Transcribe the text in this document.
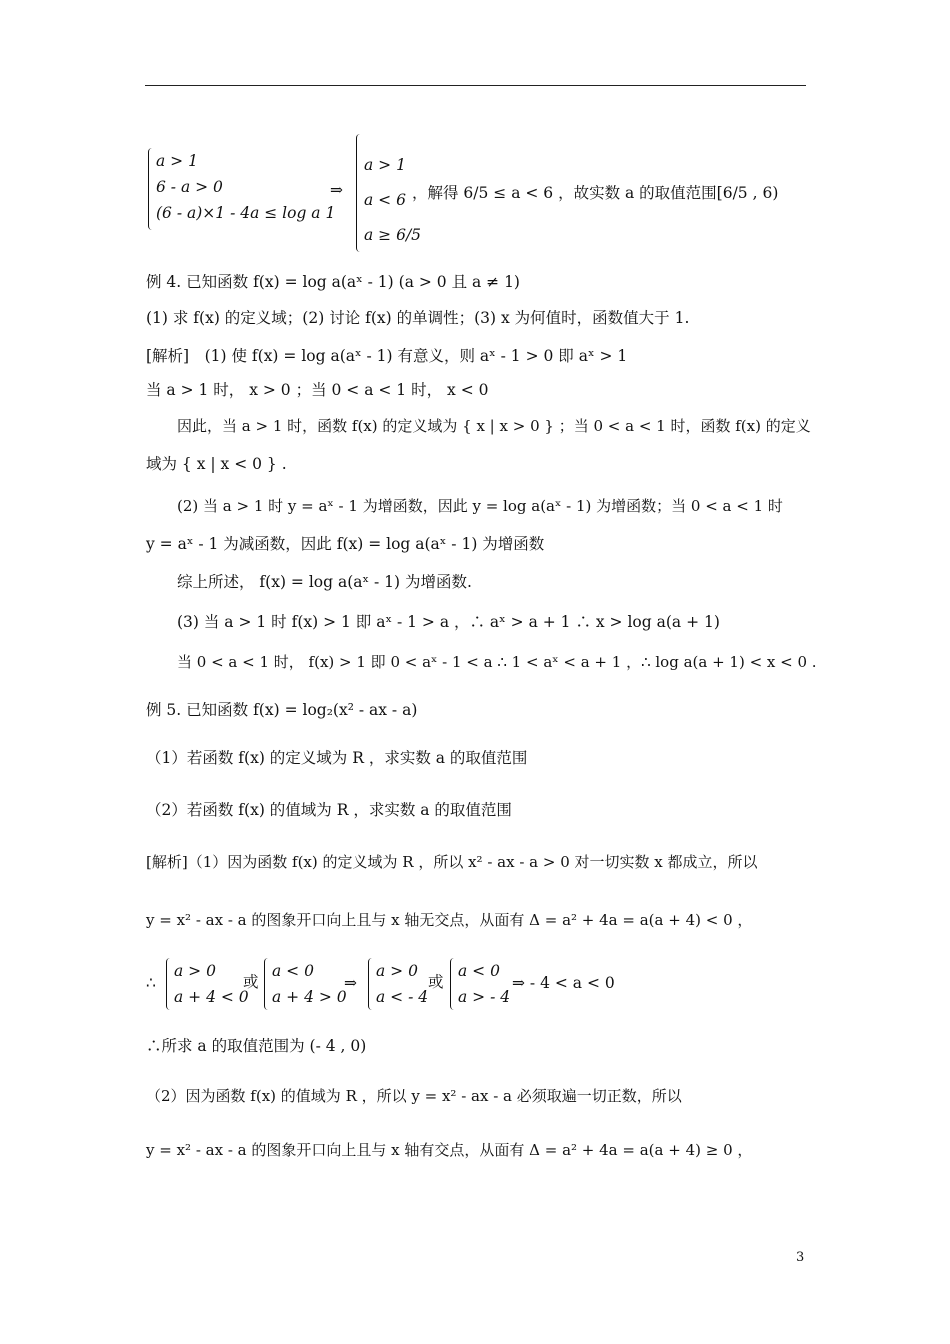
a > 1
6 - a > 0
(6 - a)×1 - 4a ≤ log a 1
⇒
a > 1
a < 6
a ≥ 6/5
，解得 6/5 ≤ a < 6 ，故实数 a 的取值范围[6/5 , 6)
例 4. 已知函数 f(x) = log a(aˣ - 1) (a > 0 且 a ≠ 1)
(1) 求 f(x) 的定义域；(2) 讨论 f(x) 的单调性；(3) x 为何值时，函数值大于 1.
[解析]　(1) 使 f(x) = log a(aˣ - 1) 有意义，则 aˣ - 1 > 0 即 aˣ > 1
当 a > 1 时， x > 0 ；当 0 < a < 1 时， x < 0
因此，当 a > 1 时，函数 f(x) 的定义域为 { x | x > 0 } ；当 0 < a < 1 时，函数 f(x) 的定义
域为 { x | x < 0 } .
(2) 当 a > 1 时 y = aˣ - 1 为增函数，因此 y = log a(aˣ - 1) 为增函数；当 0 < a < 1 时
y = aˣ - 1 为减函数，因此 f(x) = log a(aˣ - 1) 为增函数
综上所述， f(x) = log a(aˣ - 1) 为增函数.
(3) 当 a > 1 时 f(x) > 1 即 aˣ - 1 > a ，∴ aˣ > a + 1 ∴ x > log a(a + 1)
当 0 < a < 1 时， f(x) > 1 即 0 < aˣ - 1 < a ∴ 1 < aˣ < a + 1 ，∴ log a(a + 1) < x < 0 .
例 5. 已知函数 f(x) = log₂(x² - ax - a)
（1）若函数 f(x) 的定义域为 R ，求实数 a 的取值范围
（2）若函数 f(x) 的值域为 R ，求实数 a 的取值范围
[解析]（1）因为函数 f(x) 的定义域为 R ，所以 x² - ax - a > 0 对一切实数 x 都成立，所以
y = x² - ax - a 的图象开口向上且与 x 轴无交点，从面有 Δ = a² + 4a = a(a + 4) < 0 ，
∴
a > 0
a + 4 < 0
或
a < 0
a + 4 > 0
⇒
a > 0
a < - 4
或
a < 0
a > - 4
⇒ - 4 < a < 0
∴所求 a 的取值范围为 (- 4 , 0)
（2）因为函数 f(x) 的值域为 R ，所以 y = x² - ax - a 必须取遍一切正数，所以
y = x² - ax - a 的图象开口向上且与 x 轴有交点，从面有 Δ = a² + 4a = a(a + 4) ≥ 0 ，
3
